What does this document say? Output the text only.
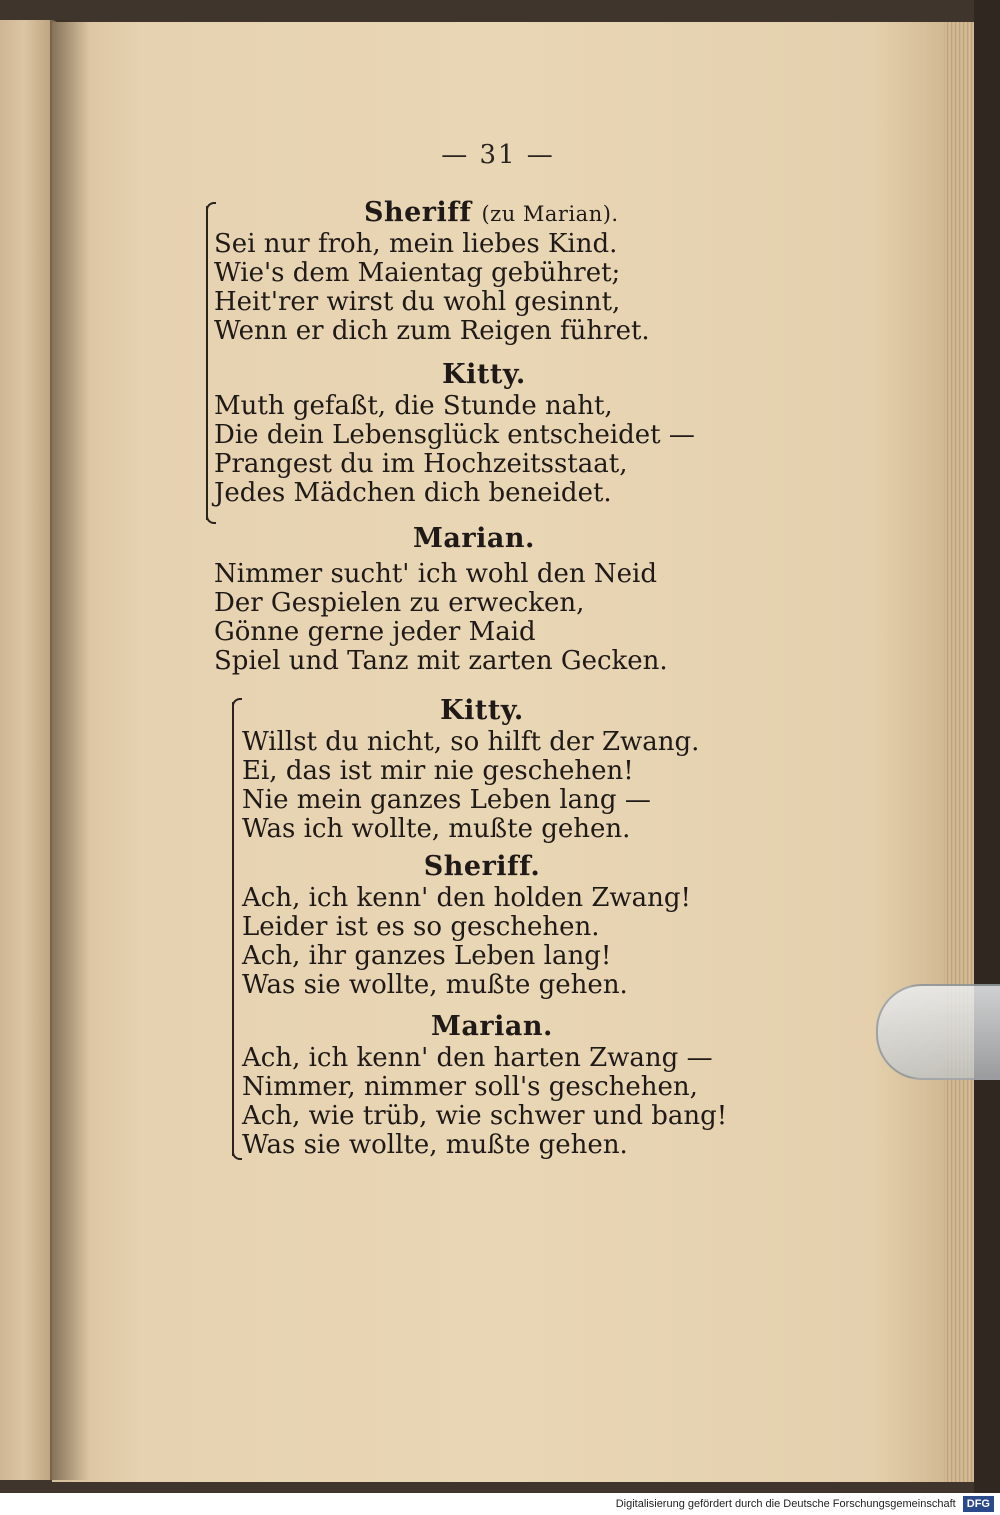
— 31 —
Sheriff (zu Marian).
Sei nur froh, mein liebes Kind.
Wie's dem Maientag gebühret;
Heit'rer wirst du wohl gesinnt,
Wenn er dich zum Reigen führet.
Kitty.
Muth gefaßt, die Stunde naht,
Die dein Lebensglück entscheidet —
Prangest du im Hochzeitsstaat,
Jedes Mädchen dich beneidet.
Marian.
Nimmer sucht' ich wohl den Neid
Der Gespielen zu erwecken,
Gönne gerne jeder Maid
Spiel und Tanz mit zarten Gecken.
Kitty.
Willst du nicht, so hilft der Zwang.
Ei, das ist mir nie geschehen!
Nie mein ganzes Leben lang —
Was ich wollte, mußte gehen.
Sheriff.
Ach, ich kenn' den holden Zwang!
Leider ist es so geschehen.
Ach, ihr ganzes Leben lang!
Was sie wollte, mußte gehen.
Marian.
Ach, ich kenn' den harten Zwang —
Nimmer, nimmer soll's geschehen,
Ach, wie trüb, wie schwer und bang!
Was sie wollte, mußte gehen.
Digitalisierung gefördert durch die Deutsche Forschungsgemeinschaft DFG
